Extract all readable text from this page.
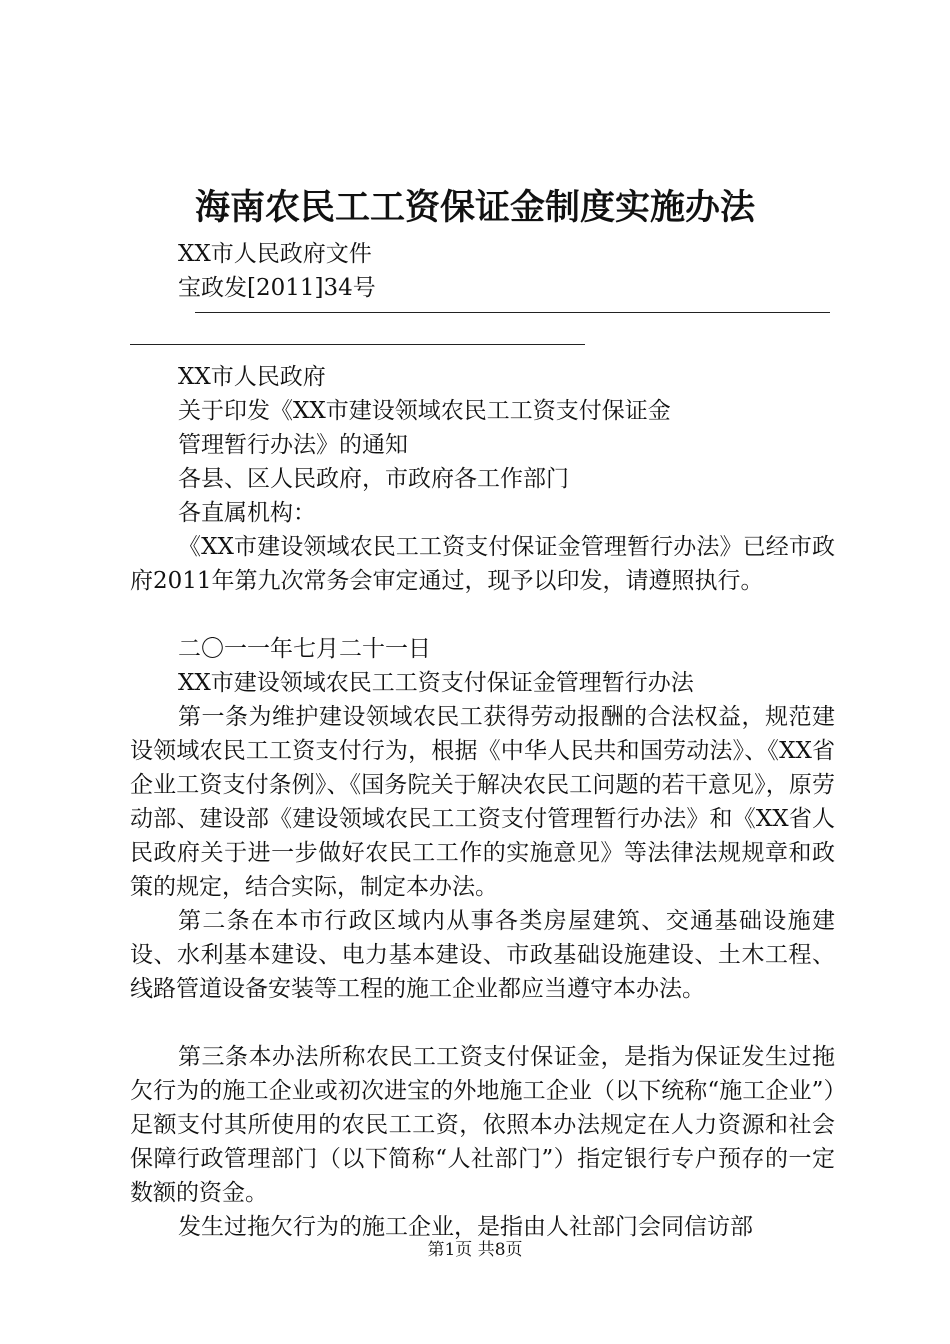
海南农民工工资保证金制度实施办法
XX市人民政府文件
宝政发[2011]34号
XX市人民政府
关于印发《XX市建设领域农民工工资支付保证金
管理暂行办法》的通知
各县、区人民政府，市政府各工作部门
各直属机构：
《XX市建设领域农民工工资支付保证金管理暂行办法》已经市政府2011年第九次常务会审定通过，现予以印发，请遵照执行。
二〇一一年七月二十一日
XX市建设领域农民工工资支付保证金管理暂行办法
第一条为维护建设领域农民工获得劳动报酬的合法权益，规范建设领域农民工工资支付行为，根据《中华人民共和国劳动法》、《XX省企业工资支付条例》、《国务院关于解决农民工问题的若干意见》，原劳动部、建设部《建设领域农民工工资支付管理暂行办法》和《XX省人民政府关于进一步做好农民工工作的实施意见》等法律法规规章和政策的规定，结合实际，制定本办法。
第二条在本市行政区域内从事各类房屋建筑、交通基础设施建设、水利基本建设、电力基本建设、市政基础设施建设、土木工程、线路管道设备安装等工程的施工企业都应当遵守本办法。
第三条本办法所称农民工工资支付保证金，是指为保证发生过拖欠行为的施工企业或初次进宝的外地施工企业（以下统称“施工企业”）足额支付其所使用的农民工工资，依照本办法规定在人力资源和社会保障行政管理部门（以下简称“人社部门”）指定银行专户预存的一定数额的资金。
发生过拖欠行为的施工企业，是指由人社部门会同信访部
第1页 共8页
